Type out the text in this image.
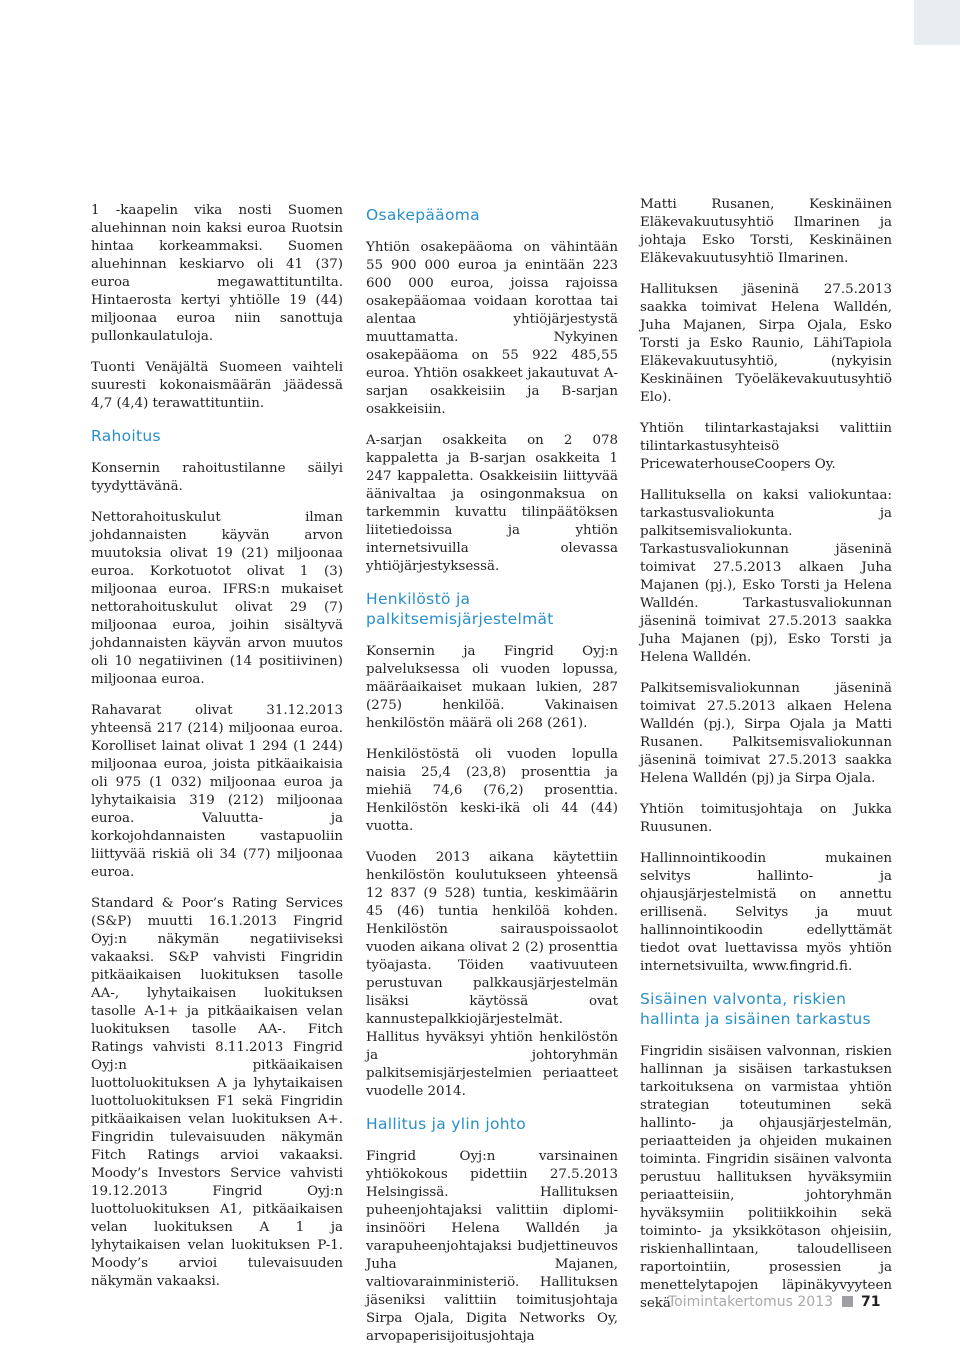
1 -kaapelin vika nosti Suomen aluehinnan noin kaksi euroa Ruotsin hintaa korkeammaksi. Suomen aluehinnan keskiarvo oli 41 (37) euroa megawattituntilta. Hintaerosta kertyi yhtiölle 19 (44) miljoonaa euroa niin sanottuja pullonkaulatuloja.

Tuonti Venäjältä Suomeen vaihteli suuresti kokonaismäärän jäädessä 4,7 (4,4) terawattituntiin.

Rahoitus

Konsernin rahoitustilanne säilyi tyydyttävänä.

Nettorahoituskulut ilman johdannaisten käyvän arvon muutoksia olivat 19 (21) miljoonaa euroa. Korkotuotot olivat 1 (3) miljoonaa euroa. IFRS:n mukaiset nettorahoituskulut olivat 29 (7) miljoonaa euroa, joihin sisältyvä johdannaisten käyvän arvon muutos oli 10 negatiivinen (14 positiivinen) miljoonaa euroa.

Rahavarat olivat 31.12.2013 yhteensä 217 (214) miljoonaa euroa. Korolliset lainat olivat 1 294 (1 244) miljoonaa euroa, joista pitkäaikaisia oli 975 (1 032) miljoonaa euroa ja lyhytaikaisia 319 (212) miljoonaa euroa. Valuutta- ja korkojohdannaisten vastapuoliin liittyvää riskiä oli 34 (77) miljoonaa euroa.

Standard & Poor’s Rating Services (S&P) muutti 16.1.2013 Fingrid Oyj:n näkymän negatiiviseksi vakaaksi. S&P vahvisti Fingridin pitkäaikaisen luokituksen tasolle AA-, lyhytaikaisen luokituksen tasolle A-1+ ja pitkäaikaisen velan luokituksen tasolle AA-. Fitch Ratings vahvisti 8.11.2013 Fingrid Oyj:n pitkäaikaisen luottoluokituksen A ja lyhytaikaisen luottoluokituksen F1 sekä Fingridin pitkäaikaisen velan luokituksen A+. Fingridin tulevaisuuden näkymän Fitch Ratings arvioi vakaaksi. Moody’s Investors Service vahvisti 19.12.2013 Fingrid Oyj:n luottoluokituksen A1, pitkäaikaisen velan luokituksen A 1 ja lyhytaikaisen velan luokituksen P-1. Moody’s arvioi tulevaisuuden näkymän vakaaksi.

Osakepääoma

Yhtiön osakepääoma on vähintään 55 900 000 euroa ja enintään 223 600 000 euroa, joissa rajoissa osakepääomaa voidaan korottaa tai alentaa yhtiöjärjestystä muuttamatta. Nykyinen osakepääoma on 55 922 485,55 euroa. Yhtiön osakkeet jakautuvat A-sarjan osakkeisiin ja B-sarjan osakkeisiin.

A-sarjan osakkeita on 2 078 kappaletta ja B-sarjan osakkeita 1 247 kappaletta. Osakkeisiin liittyvää äänivaltaa ja osingonmaksua on tarkemmin kuvattu tilinpäätöksen liitetiedoissa ja yhtiön internetsivuilla olevassa yhtiöjärjestyksessä.

Henkilöstö ja palkitsemisjärjestelmät

Konsernin ja Fingrid Oyj:n palveluksessa oli vuoden lopussa, määräaikaiset mukaan lukien, 287 (275) henkilöä. Vakinaisen henkilöstön määrä oli 268 (261).

Henkilöstöstä oli vuoden lopulla naisia 25,4 (23,8) prosenttia ja miehiä 74,6 (76,2) prosenttia. Henkilöstön keski-ikä oli 44 (44) vuotta.

Vuoden 2013 aikana käytettiin henkilöstön koulutukseen yhteensä 12 837 (9 528) tuntia, keskimäärin 45 (46) tuntia henkilöä kohden. Henkilöstön sairauspoissaolot vuoden aikana olivat 2 (2) prosenttia työajasta. Töiden vaativuuteen perustuvan palkkausjärjestelmän lisäksi käytössä ovat kannustepalkkiojärjestelmät. Hallitus hyväksyi yhtiön henkilöstön ja johtoryhmän palkitsemisjärjestelmien periaatteet vuodelle 2014.

Hallitus ja ylin johto

Fingrid Oyj:n varsinainen yhtiökokous pidettiin 27.5.2013 Helsingissä. Hallituksen puheenjohtajaksi valittiin diplomi-insinööri Helena Walldén ja varapuheenjohtajaksi budjettineuvos Juha Majanen, valtiovarainministeriö. Hallituksen jäseniksi valittiin toimitusjohtaja Sirpa Ojala, Digita Networks Oy, arvopaperisijoitusjohtaja

Matti Rusanen, Keskinäinen Eläkevakuutusyhtiö Ilmarinen ja johtaja Esko Torsti, Keskinäinen Eläkevakuutusyhtiö Ilmarinen.

Hallituksen jäseninä 27.5.2013 saakka toimivat Helena Walldén, Juha Majanen, Sirpa Ojala, Esko Torsti ja Esko Raunio, LähiTapiola Eläkevakuutusyhtiö, (nykyisin Keskinäinen Työeläkevakuutusyhtiö Elo).

Yhtiön tilintarkastajaksi valittiin tilintarkastusyhteisö PricewaterhouseCoopers Oy.

Hallituksella on kaksi valiokuntaa: tarkastusvaliokunta ja palkitsemisvaliokunta. Tarkastusvaliokunnan jäseninä toimivat 27.5.2013 alkaen Juha Majanen (pj.), Esko Torsti ja Helena Walldén. Tarkastusvaliokunnan jäseninä toimivat 27.5.2013 saakka Juha Majanen (pj), Esko Torsti ja Helena Walldén.

Palkitsemisvaliokunnan jäseninä toimivat 27.5.2013 alkaen Helena Walldén (pj.), Sirpa Ojala ja Matti Rusanen. Palkitsemisvaliokunnan jäseninä toimivat 27.5.2013 saakka Helena Walldén (pj) ja Sirpa Ojala.

Yhtiön toimitusjohtaja on Jukka Ruusunen.

Hallinnointikoodin mukainen selvitys hallinto- ja ohjausjärjestelmistä on annettu erillisenä. Selvitys ja muut hallinnointikoodin edellyttämät tiedot ovat luettavissa myös yhtiön internetsivuilta, www.fingrid.fi.

Sisäinen valvonta, riskien hallinta ja sisäinen tarkastus

Fingridin sisäisen valvonnan, riskien hallinnan ja sisäisen tarkastuksen tarkoituksena on varmistaa yhtiön strategian toteutuminen sekä hallinto- ja ohjausjärjestelmän, periaatteiden ja ohjeiden mukainen toiminta. Fingridin sisäinen valvonta perustuu hallituksen hyväksymiin periaatteisiin, johtoryhmän hyväksymiin politiikkoihin sekä toiminto- ja yksikkötason ohjeisiin, riskienhallintaan, taloudelliseen raportointiin, prosessien ja menettelytapojen läpinäkyvyyteen sekä

Toimintakertomus 2013 71
